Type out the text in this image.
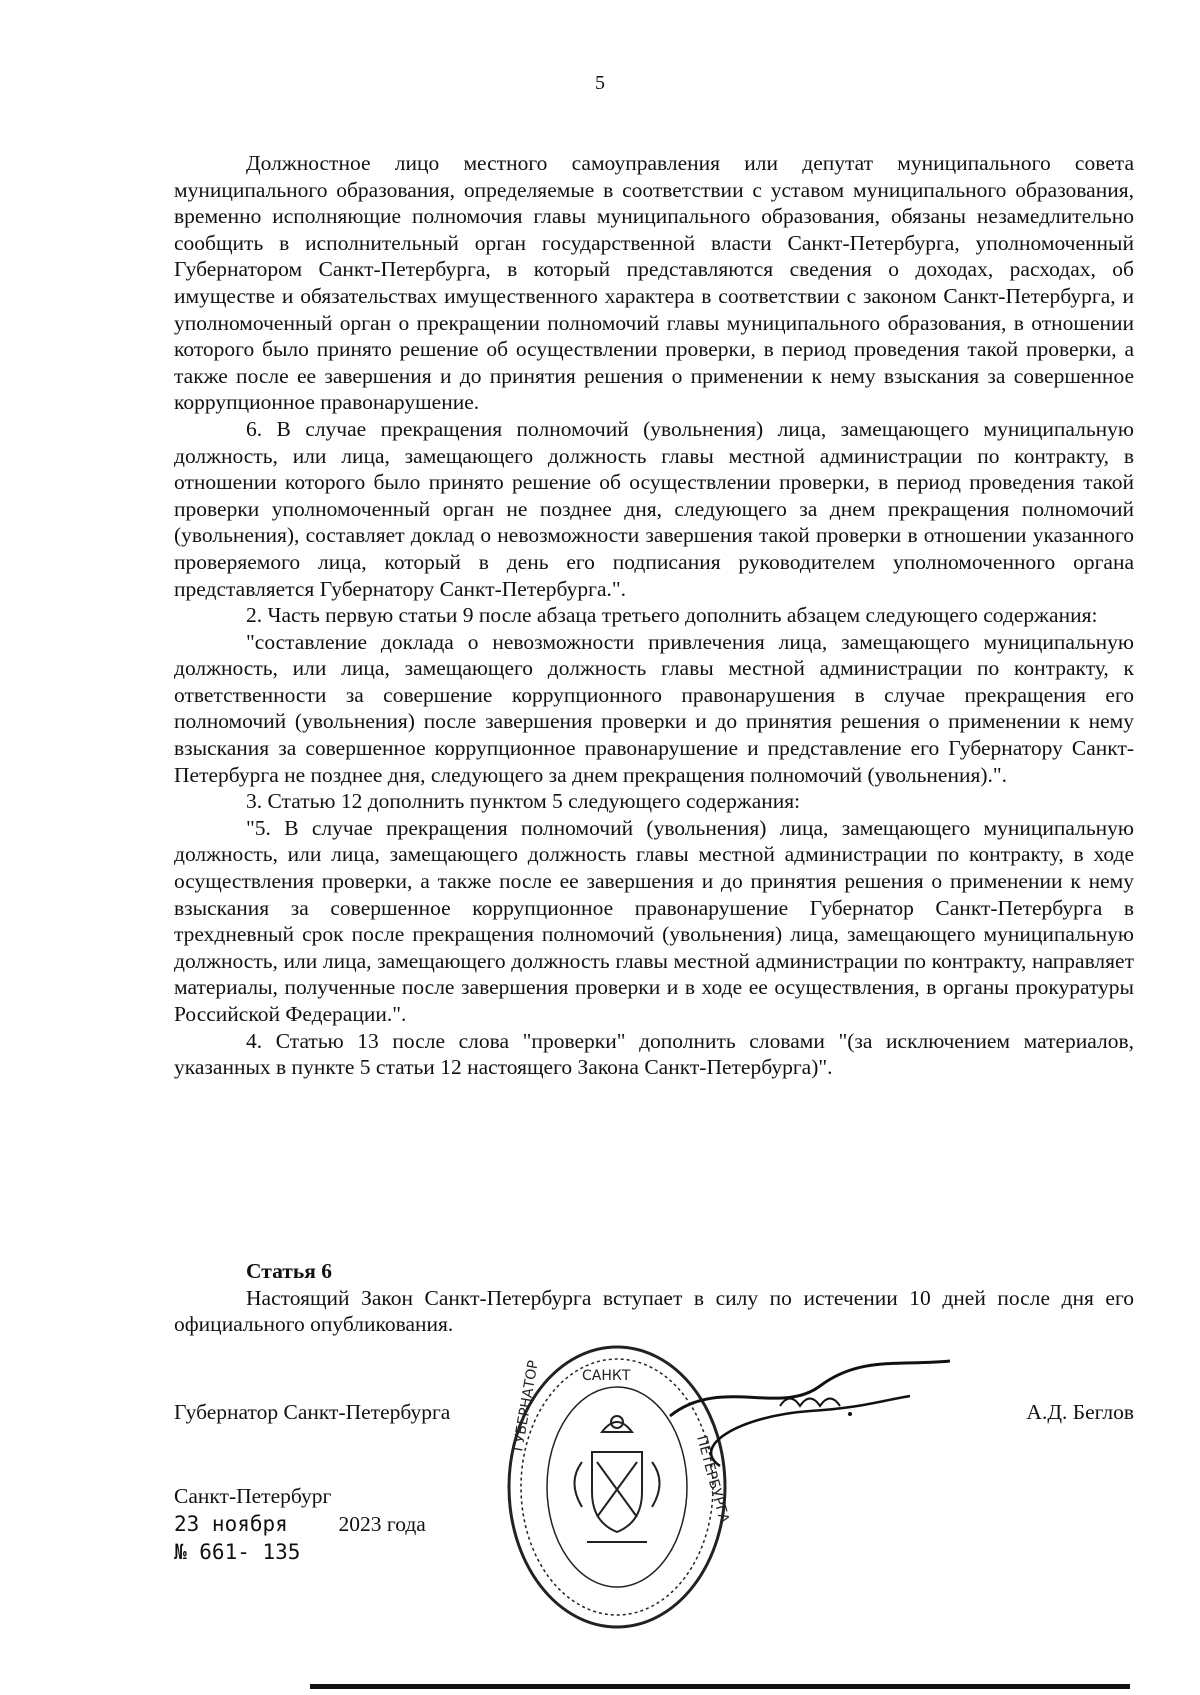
5

Должностное лицо местного самоуправления или депутат муниципального совета муниципального образования, определяемые в соответствии с уставом муниципального образования, временно исполняющие полномочия главы муниципального образования, обязаны незамедлительно сообщить в исполнительный орган государственной власти Санкт-Петербурга, уполномоченный Губернатором Санкт-Петербурга, в который представляются сведения о доходах, расходах, об имуществе и обязательствах имущественного характера в соответствии с законом Санкт-Петербурга, и уполномоченный орган о прекращении полномочий главы муниципального образования, в отношении которого было принято решение об осуществлении проверки, в период проведения такой проверки, а также после ее завершения и до принятия решения о применении к нему взыскания за совершенное коррупционное правонарушение.

6. В случае прекращения полномочий (увольнения) лица, замещающего муниципальную должность, или лица, замещающего должность главы местной администрации по контракту, в отношении которого было принято решение об осуществлении проверки, в период проведения такой проверки уполномоченный орган не позднее дня, следующего за днем прекращения полномочий (увольнения), составляет доклад о невозможности завершения такой проверки в отношении указанного проверяемого лица, который в день его подписания руководителем уполномоченного органа представляется Губернатору Санкт-Петербурга.".

2. Часть первую статьи 9 после абзаца третьего дополнить абзацем следующего содержания:

"составление доклада о невозможности привлечения лица, замещающего муниципальную должность, или лица, замещающего должность главы местной администрации по контракту, к ответственности за совершение коррупционного правонарушения в случае прекращения его полномочий (увольнения) после завершения проверки и до принятия решения о применении к нему взыскания за совершенное коррупционное правонарушение и представление его Губернатору Санкт-Петербурга не позднее дня, следующего за днем прекращения полномочий (увольнения).".

3. Статью 12 дополнить пунктом 5 следующего содержания:

"5. В случае прекращения полномочий (увольнения) лица, замещающего муниципальную должность, или лица, замещающего должность главы местной администрации по контракту, в ходе осуществления проверки, а также после ее завершения и до принятия решения о применении к нему взыскания за совершенное коррупционное правонарушение Губернатор Санкт-Петербурга в трехдневный срок после прекращения полномочий (увольнения) лица, замещающего муниципальную должность, или лица, замещающего должность главы местной администрации по контракту, направляет материалы, полученные после завершения проверки и в ходе ее осуществления, в органы прокуратуры Российской Федерации.".

4. Статью 13 после слова "проверки" дополнить словами "(за исключением материалов, указанных в пункте 5 статьи 12 настоящего Закона Санкт-Петербурга)".

Статья 6

Настоящий Закон Санкт-Петербурга вступает в силу по истечении 10 дней после дня его официального опубликования.

Губернатор Санкт-Петербурга	А.Д. Беглов
Санкт-Петербург
23 ноября 2023 года
№ 661- 135
ГУБЕРНАТОР	САНКТ
ПЕТЕРБУРГА
